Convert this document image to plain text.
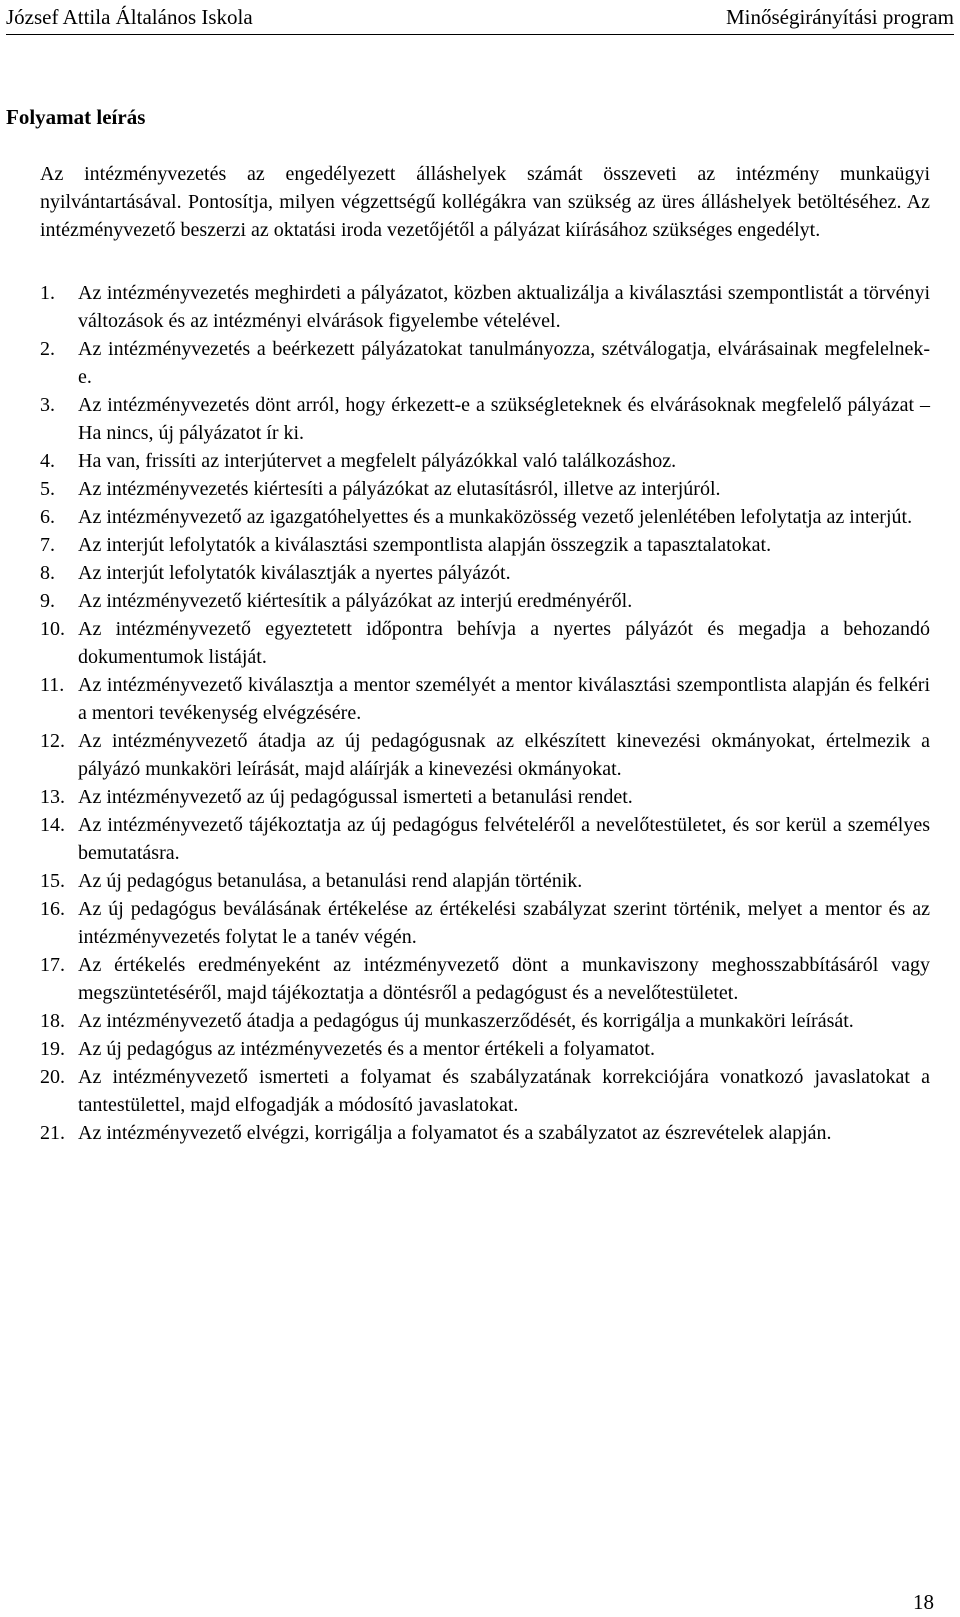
József Attila Általános Iskola	Minőségirányítási program
Folyamat leírás

Az intézményvezetés az engedélyezett álláshelyek számát összeveti az intézmény munkaügyi nyilvántartásával. Pontosítja, milyen végzettségű kollégákra van szükség az üres álláshelyek betöltéséhez. Az intézményvezető beszerzi az oktatási iroda vezetőjétől a pályázat kiírásához szükséges engedélyt.

1. Az intézményvezetés meghirdeti a pályázatot, közben aktualizálja a kiválasztási szempontlistát a törvényi változások és az intézményi elvárások figyelembe vételével.
2. Az intézményvezetés a beérkezett pályázatokat tanulmányozza, szétválogatja, elvárásainak megfelelnek-e.
3. Az intézményvezetés dönt arról, hogy érkezett-e a szükségleteknek és elvárásoknak megfelelő pályázat – Ha nincs, új pályázatot ír ki.
4. Ha van, frissíti az interjútervet a megfelelt pályázókkal való találkozáshoz.
5. Az intézményvezetés kiértesíti a pályázókat az elutasításról, illetve az interjúról.
6. Az intézményvezető az igazgatóhelyettes és a munkaközösség vezető jelenlétében lefolytatja az interjút.
7. Az interjút lefolytatók a kiválasztási szempontlista alapján összegzik a tapasztalatokat.
8. Az interjút lefolytatók kiválasztják a nyertes pályázót.
9. Az intézményvezető kiértesítik a pályázókat az interjú eredményéről.
10. Az intézményvezető egyeztetett időpontra behívja a nyertes pályázót és megadja a behozandó dokumentumok listáját.
11. Az intézményvezető kiválasztja a mentor személyét a mentor kiválasztási szempontlista alapján és felkéri a mentori tevékenység elvégzésére.
12. Az intézményvezető átadja az új pedagógusnak az elkészített kinevezési okmányokat, értelmezik a pályázó munkaköri leírását, majd aláírják a kinevezési okmányokat.
13. Az intézményvezető az új pedagógussal ismerteti a betanulási rendet.
14. Az intézményvezető tájékoztatja az új pedagógus felvételéről a nevelőtestületet, és sor kerül a személyes bemutatásra.
15. Az új pedagógus betanulása, a betanulási rend alapján történik.
16. Az új pedagógus beválásának értékelése az értékelési szabályzat szerint történik, melyet a mentor és az intézményvezetés folytat le a tanév végén.
17. Az értékelés eredményeként az intézményvezető dönt a munkaviszony meghosszabbításáról vagy megszüntetéséről, majd tájékoztatja a döntésről a pedagógust és a nevelőtestületet.
18. Az intézményvezető átadja a pedagógus új munkaszerződését, és korrigálja a munkaköri leírását.
19. Az új pedagógus az intézményvezetés és a mentor értékeli a folyamatot.
20. Az intézményvezető ismerteti a folyamat és szabályzatának korrekciójára vonatkozó javaslatokat a tantestülettel, majd elfogadják a módosító javaslatokat.
21. Az intézményvezető elvégzi, korrigálja a folyamatot és a szabályzatot az észrevételek alapján.
18
